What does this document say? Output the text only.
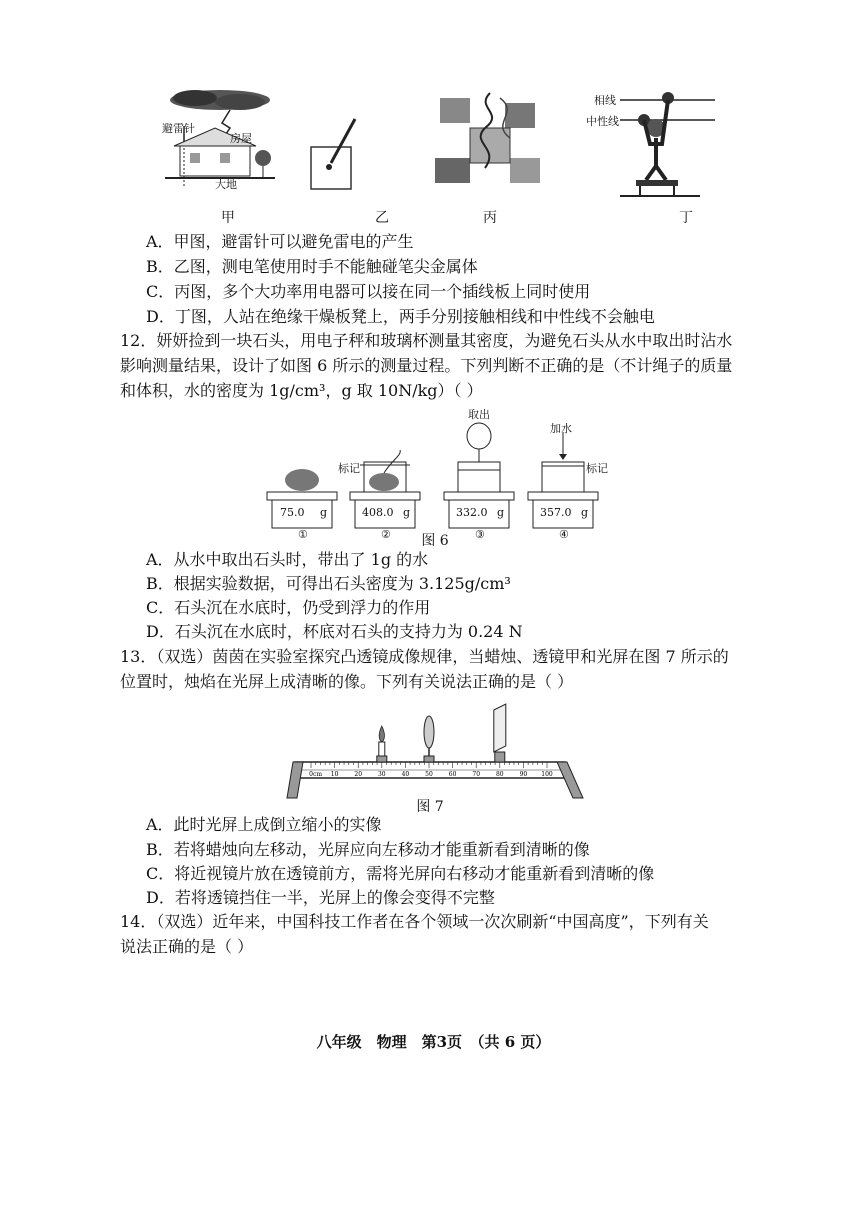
避雷针
房屋
大地
甲	乙	丙
相线
中性线
丁
A．甲图，避雷针可以避免雷电的产生
B．乙图，测电笔使用时手不能触碰笔尖金属体
C．丙图，多个大功率用电器可以接在同一个插线板上同时使用
D．丁图，人站在绝缘干燥板凳上，两手分别接触相线和中性线不会触电
12．妍妍捡到一块石头，用电子秤和玻璃杯测量其密度，为避免石头从水中取出时沾水
影响测量结果，设计了如图 6 所示的测量过程。下列判断不正确的是（不计绳子的质量
和体积，水的密度为 1g/cm³，g 取 10N/kg）（ ）
取出
加水
标记	标记
75.0 g	408.0 g	332.0 g	357.0 g
①	②	③	④
图 6
A．从水中取出石头时，带出了 1g 的水
B．根据实验数据，可得出石头密度为 3.125g/cm³
C．石头沉在水底时，仍受到浮力的作用
D．石头沉在水底时，杯底对石头的支持力为 0.24 N
13．（双选）茵茵在实验室探究凸透镜成像规律，当蜡烛、透镜甲和光屏在图 7 所示的
位置时，烛焰在光屏上成清晰的像。下列有关说法正确的是（ ）
0	10	20	30	40	50	60	70	80	90 100
cm
图 7
A．此时光屏上成倒立缩小的实像
B．若将蜡烛向左移动，光屏应向左移动才能重新看到清晰的像
C．将近视镜片放在透镜前方，需将光屏向右移动才能重新看到清晰的像
D．若将透镜挡住一半，光屏上的像会变得不完整
14．（双选）近年来，中国科技工作者在各个领域一次次刷新“中国高度”，下列有关
说法正确的是（ ）
八年级　物理　第3页　（共 6 页）
